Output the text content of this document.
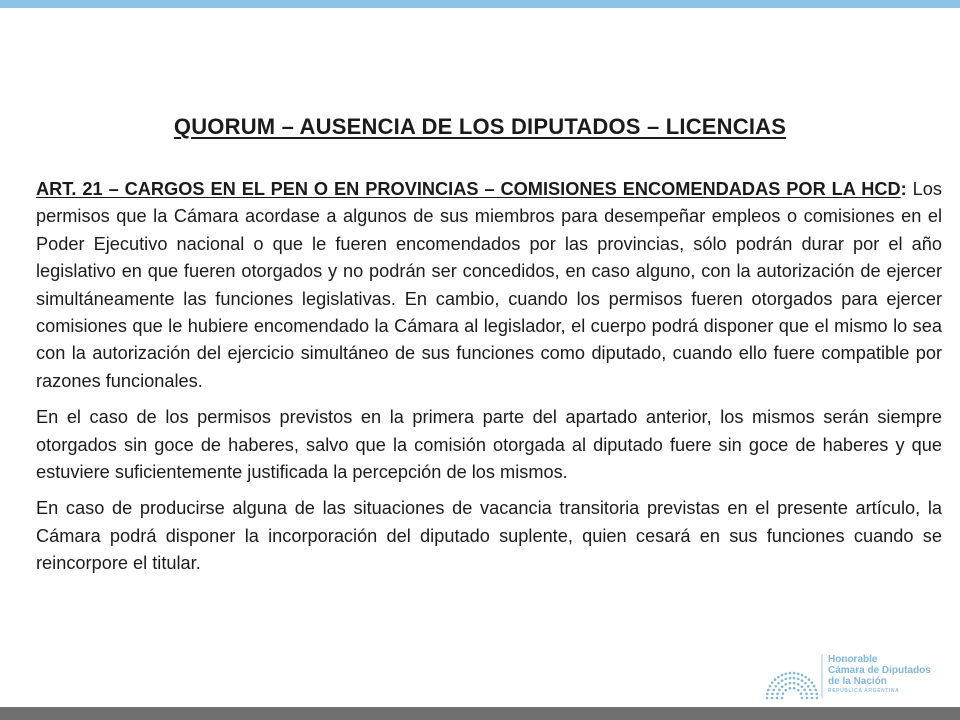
QUORUM – AUSENCIA DE LOS DIPUTADOS – LICENCIAS

ART. 21 – CARGOS EN EL PEN O EN PROVINCIAS – COMISIONES ENCOMENDADAS POR LA HCD: Los permisos que la Cámara acordase a algunos de sus miembros para desempeñar empleos o comisiones en el Poder Ejecutivo nacional o que le fueren encomendados por las provincias, sólo podrán durar por el año legislativo en que fueren otorgados y no podrán ser concedidos, en caso alguno, con la autorización de ejercer simultáneamente las funciones legislativas. En cambio, cuando los permisos fueren otorgados para ejercer comisiones que le hubiere encomendado la Cámara al legislador, el cuerpo podrá disponer que el mismo lo sea con la autorización del ejercicio simultáneo de sus funciones como diputado, cuando ello fuere compatible por razones funcionales.

En el caso de los permisos previstos en la primera parte del apartado anterior, los mismos serán siempre otorgados sin goce de haberes, salvo que la comisión otorgada al diputado fuere sin goce de haberes y que estuviere suficientemente justificada la percepción de los mismos.

En caso de producirse alguna de las situaciones de vacancia transitoria previstas en el presente artículo, la Cámara podrá disponer la incorporación del diputado suplente, quien cesará en sus funciones cuando se reincorpore el titular.

Honorable
Cámara de Diputados
de la Nación
REPÚBLICA ARGENTINA
